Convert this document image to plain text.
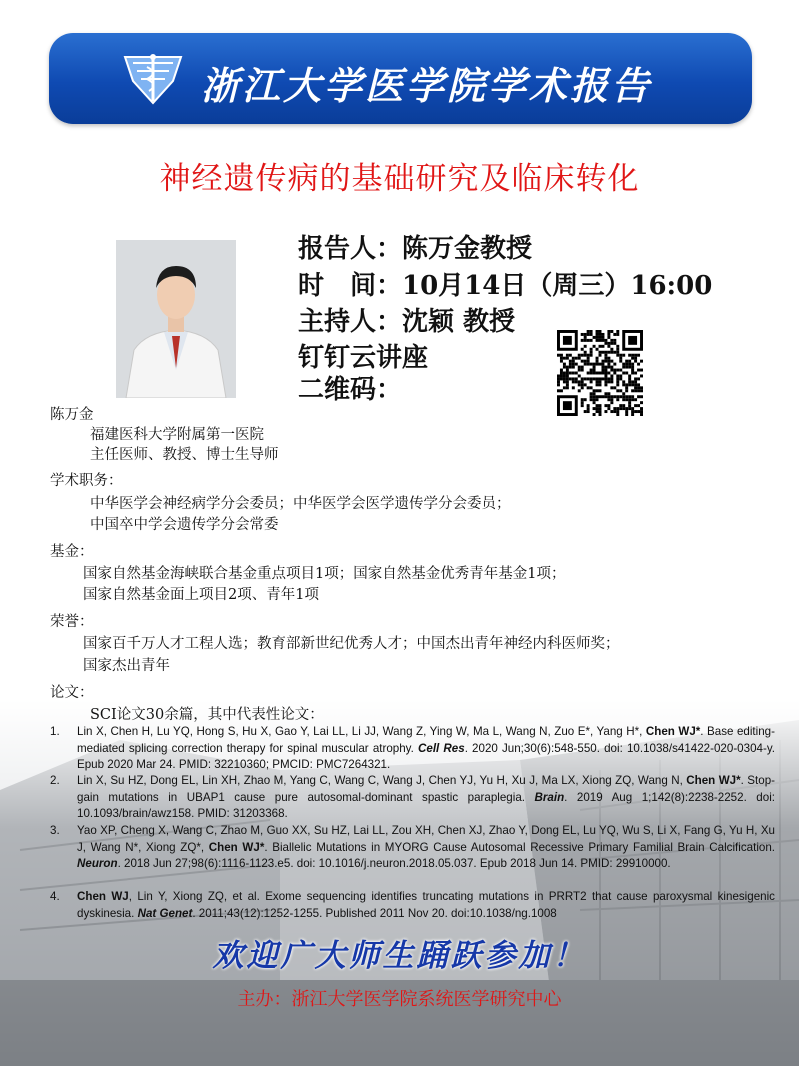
浙江大学医学院学术报告
神经遗传病的基础研究及临床转化
报告人：陈万金教授
时　间：10月14日（周三）16:00
主持人：沈颖 教授
钉钉云讲座
二维码：
陈万金
福建医科大学附属第一医院
主任医师、教授、博士生导师
学术职务：
中华医学会神经病学分会委员；中华医学会医学遗传学分会委员；
中国卒中学会遗传学分会常委
基金：
国家自然基金海峡联合基金重点项目1项；国家自然基金优秀青年基金1项；
国家自然基金面上项目2项、青年1项
荣誉：
国家百千万人才工程人选；教育部新世纪优秀人才；中国杰出青年神经内科医师奖；
国家杰出青年
论文：
SCI论文30余篇，其中代表性论文：
1. Lin X, Chen H, Lu YQ, Hong S, Hu X, Gao Y, Lai LL, Li JJ, Wang Z, Ying W, Ma L, Wang N, Zuo E*, Yang H*, Chen WJ*. Base editing-mediated splicing correction therapy for spinal muscular atrophy. Cell Res. 2020 Jun;30(6):548-550. doi: 10.1038/s41422-020-0304-y. Epub 2020 Mar 24. PMID: 32210360; PMCID: PMC7264321.
2. Lin X, Su HZ, Dong EL, Lin XH, Zhao M, Yang C, Wang C, Wang J, Chen YJ, Yu H, Xu J, Ma LX, Xiong ZQ, Wang N, Chen WJ*. Stop-gain mutations in UBAP1 cause pure autosomal-dominant spastic paraplegia. Brain. 2019 Aug 1;142(8):2238-2252. doi: 10.1093/brain/awz158. PMID: 31203368.
3. Yao XP, Cheng X, Wang C, Zhao M, Guo XX, Su HZ, Lai LL, Zou XH, Chen XJ, Zhao Y, Dong EL, Lu YQ, Wu S, Li X, Fang G, Yu H, Xu J, Wang N*, Xiong ZQ*, Chen WJ*. Biallelic Mutations in MYORG Cause Autosomal Recessive Primary Familial Brain Calcification. Neuron. 2018 Jun 27;98(6):1116-1123.e5. doi: 10.1016/j.neuron.2018.05.037. Epub 2018 Jun 14. PMID: 29910000.
4. Chen WJ, Lin Y, Xiong ZQ, et al. Exome sequencing identifies truncating mutations in PRRT2 that cause paroxysmal kinesigenic dyskinesia. Nat Genet. 2011;43(12):1252-1255. Published 2011 Nov 20. doi:10.1038/ng.1008
欢迎广大师生踊跃参加！
主办：浙江大学医学院系统医学研究中心
